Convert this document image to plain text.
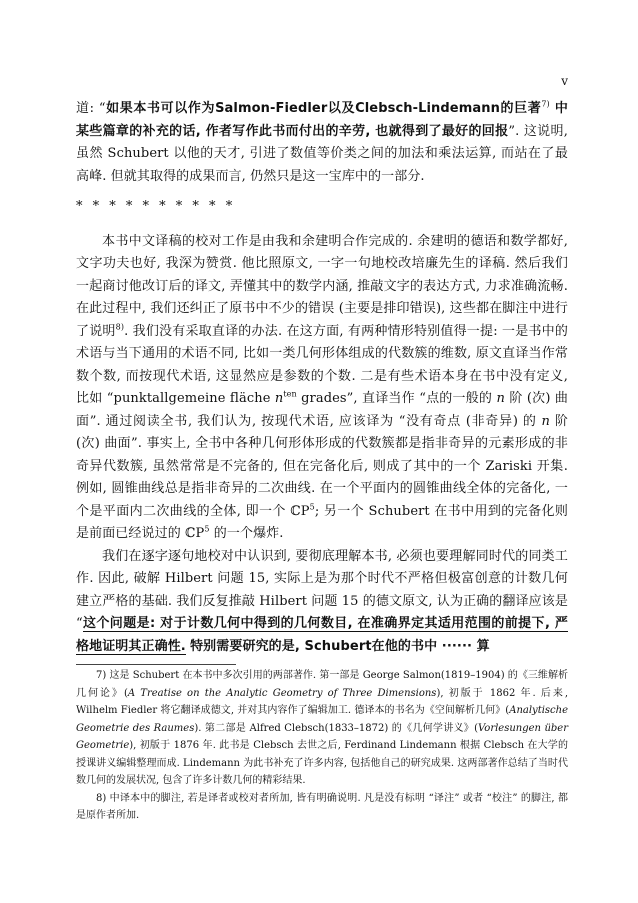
v

道: “如果本书可以作为Salmon-Fiedler以及Clebsch-Lindemann的巨著$^{7)}$ 中某些篇章的补充的话, 作者写作此书而付出的辛劳, 也就得到了最好的回报”. 这说明, 虽然 Schubert 以他的天才, 引进了数值等价类之间的加法和乘法运算, 而站在了最高峰. 但就其取得的成果而言, 仍然只是这一宝库中的一部分.

* * * * * * * * * *

本书中文译稿的校对工作是由我和余建明合作完成的. 余建明的德语和数学都好, 文字功夫也好, 我深为赞赏. 他比照原文, 一字一句地校改培廉先生的译稿. 然后我们一起商讨他改订后的译文, 弄懂其中的数学内涵, 推敲文字的表达方式, 力求准确流畅. 在此过程中, 我们还纠正了原书中不少的错误 (主要是排印错误), 这些都在脚注中进行了说明$^{8)}$. 我们没有采取直译的办法. 在这方面, 有两种情形特别值得一提: 一是书中的术语与当下通用的术语不同, 比如一类几何形体组成的代数簇的维数, 原文直译当作常数个数, 而按现代术语, 这显然应是参数的个数. 二是有些术语本身在书中没有定义, 比如 “punktallgemeine fläche $n^{ten}$ grades”, 直译当作 “点的一般的 n 阶 (次) 曲面”. 通过阅读全书, 我们认为, 按现代术语, 应该译为 “没有奇点 (非奇异) 的 n 阶 (次) 曲面”. 事实上, 全书中各种几何形体形成的代数簇都是指非奇异的元素形成的非奇异代数簇, 虽然常常是不完备的, 但在完备化后, 则成了其中的一个 Zariski 开集. 例如, 圆锥曲线总是指非奇异的二次曲线. 在一个平面内的圆锥曲线全体的完备化, 一个是平面内二次曲线的全体, 即一个 ℂP$^5$; 另一个 Schubert 在书中用到的完备化则是前面已经说过的 ℂP$^5$ 的一个爆炸.

我们在逐字逐句地校对中认识到, 要彻底理解本书, 必须也要理解同时代的同类工作. 因此, 破解 Hilbert 问题 15, 实际上是为那个时代不严格但极富创意的计数几何建立严格的基础. 我们反复推敲 Hilbert 问题 15 的德文原文, 认为正确的翻译应该是 “这个问题是: 对于计数几何中得到的几何数目, 在准确界定其适用范围的前提下, 严格地证明其正确性. 特别需要研究的是, Schubert在他的书中 ······ 算

7) 这是 Schubert 在本书中多次引用的两部著作. 第一部是 George Salmon(1819–1904) 的《三维解析几何论》(A Treatise on the Analytic Geometry of Three Dimensions), 初版于 1862 年. 后来, Wilhelm Fiedler 将它翻译成德文, 并对其内容作了编辑加工. 德译本的书名为《空间解析几何》(Analytische Geometrie des Raumes). 第二部是 Alfred Clebsch(1833–1872) 的《几何学讲义》(Vorlesungen über Geometrie), 初版于 1876 年. 此书是 Clebsch 去世之后, Ferdinand Lindemann 根据 Clebsch 在大学的授课讲义编辑整理而成. Lindemann 为此书补充了许多内容, 包括他自己的研究成果. 这两部著作总结了当时代数几何的发展状况, 包含了许多计数几何的精彩结果.

8) 中译本中的脚注, 若是译者或校对者所加, 皆有明确说明. 凡是没有标明 “译注” 或者 “校注” 的脚注, 都是原作者所加.
